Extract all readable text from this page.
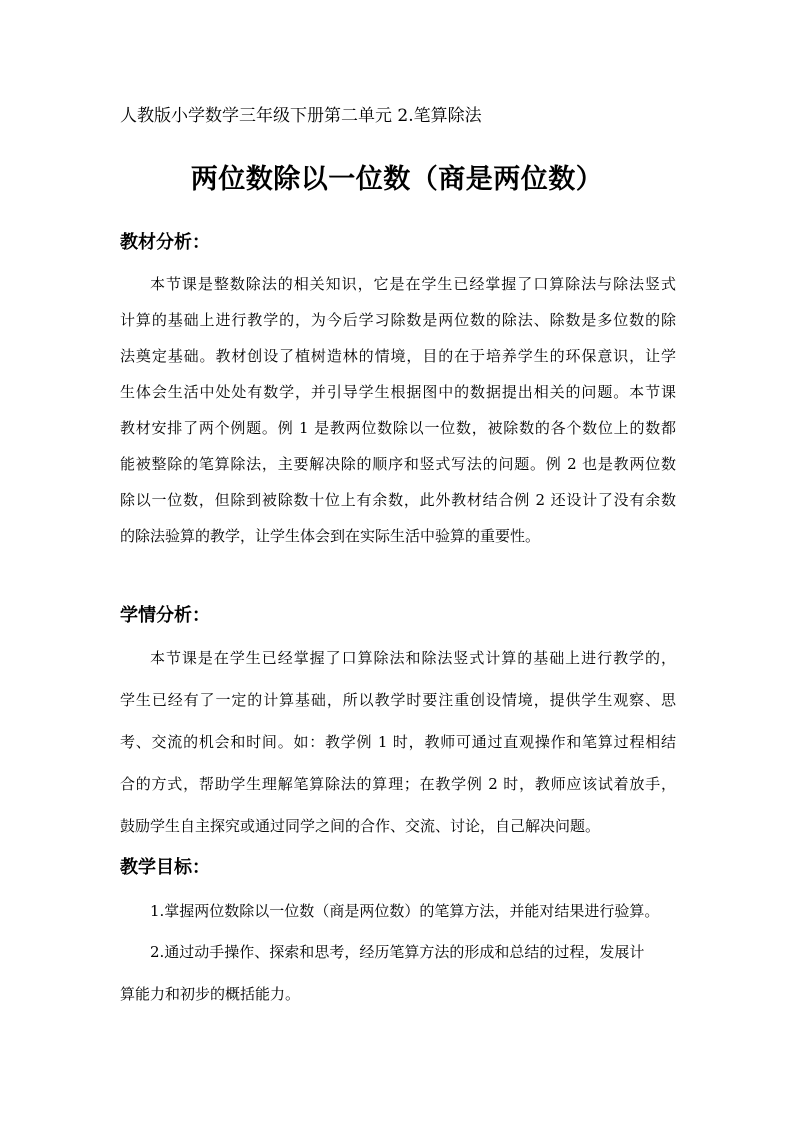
人教版小学数学三年级下册第二单元 2.笔算除法
两位数除以一位数（商是两位数）
教材分析：
本节课是整数除法的相关知识，它是在学生已经掌握了口算除法与除法竖式
计算的基础上进行教学的，为今后学习除数是两位数的除法、除数是多位数的除
法奠定基础。教材创设了植树造林的情境，目的在于培养学生的环保意识，让学
生体会生活中处处有数学，并引导学生根据图中的数据提出相关的问题。本节课
教材安排了两个例题。例 1 是教两位数除以一位数，被除数的各个数位上的数都
能被整除的笔算除法，主要解决除的顺序和竖式写法的问题。例 2 也是教两位数
除以一位数，但除到被除数十位上有余数，此外教材结合例 2 还设计了没有余数
的除法验算的教学，让学生体会到在实际生活中验算的重要性。
学情分析：
本节课是在学生已经掌握了口算除法和除法竖式计算的基础上进行教学的，
学生已经有了一定的计算基础，所以教学时要注重创设情境，提供学生观察、思
考、交流的机会和时间。如：教学例 1 时，教师可通过直观操作和笔算过程相结
合的方式，帮助学生理解笔算除法的算理；在教学例 2 时，教师应该试着放手，
鼓励学生自主探究或通过同学之间的合作、交流、讨论，自己解决问题。
教学目标：
1.掌握两位数除以一位数（商是两位数）的笔算方法，并能对结果进行验算。
2.通过动手操作、探索和思考，经历笔算方法的形成和总结的过程，发展计
算能力和初步的概括能力。
